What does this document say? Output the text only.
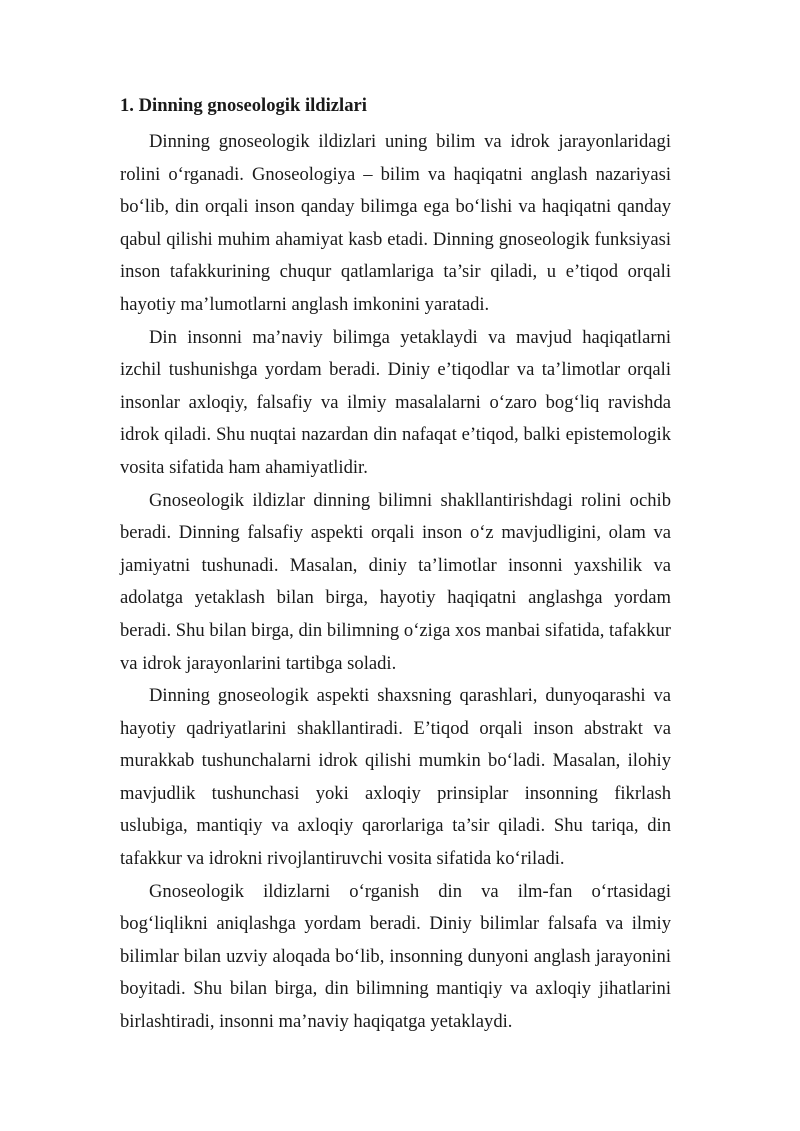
1. Dinning gnoseologik ildizlari

Dinning gnoseologik ildizlari uning bilim va idrok jarayonlaridagi rolini o‘rganadi. Gnoseologiya – bilim va haqiqatni anglash nazariyasi bo‘lib, din orqali inson qanday bilimga ega bo‘lishi va haqiqatni qanday qabul qilishi muhim ahamiyat kasb etadi. Dinning gnoseologik funksiyasi inson tafakkurining chuqur qatlamlariga ta’sir qiladi, u e’tiqod orqali hayotiy ma’lumotlarni anglash imkonini yaratadi.

Din insonni ma’naviy bilimga yetaklaydi va mavjud haqiqatlarni izchil tushunishga yordam beradi. Diniy e’tiqodlar va ta’limotlar orqali insonlar axloqiy, falsafiy va ilmiy masalalarni o‘zaro bog‘liq ravishda idrok qiladi. Shu nuqtai nazardan din nafaqat e’tiqod, balki epistemologik vosita sifatida ham ahamiyatlidir.

Gnoseologik ildizlar dinning bilimni shakllantirishdagi rolini ochib beradi. Dinning falsafiy aspekti orqali inson o‘z mavjudligini, olam va jamiyatni tushunadi. Masalan, diniy ta’limotlar insonni yaxshilik va adolatga yetaklash bilan birga, hayotiy haqiqatni anglashga yordam beradi. Shu bilan birga, din bilimning o‘ziga xos manbai sifatida, tafakkur va idrok jarayonlarini tartibga soladi.

Dinning gnoseologik aspekti shaxsning qarashlari, dunyoqarashi va hayotiy qadriyatlarini shakllantiradi. E’tiqod orqali inson abstrakt va murakkab tushunchalarni idrok qilishi mumkin bo‘ladi. Masalan, ilohiy mavjudlik tushunchasi yoki axloqiy prinsiplar insonning fikrlash uslubiga, mantiqiy va axloqiy qarorlariga ta’sir qiladi. Shu tariqa, din tafakkur va idrokni rivojlantiruvchi vosita sifatida ko‘riladi.

Gnoseologik ildizlarni o‘rganish din va ilm-fan o‘rtasidagi bog‘liqlikni aniqlashga yordam beradi. Diniy bilimlar falsafa va ilmiy bilimlar bilan uzviy aloqada bo‘lib, insonning dunyoni anglash jarayonini boyitadi. Shu bilan birga, din bilimning mantiqiy va axloqiy jihatlarini birlashtiradi, insonni ma’naviy haqiqatga yetaklaydi.
